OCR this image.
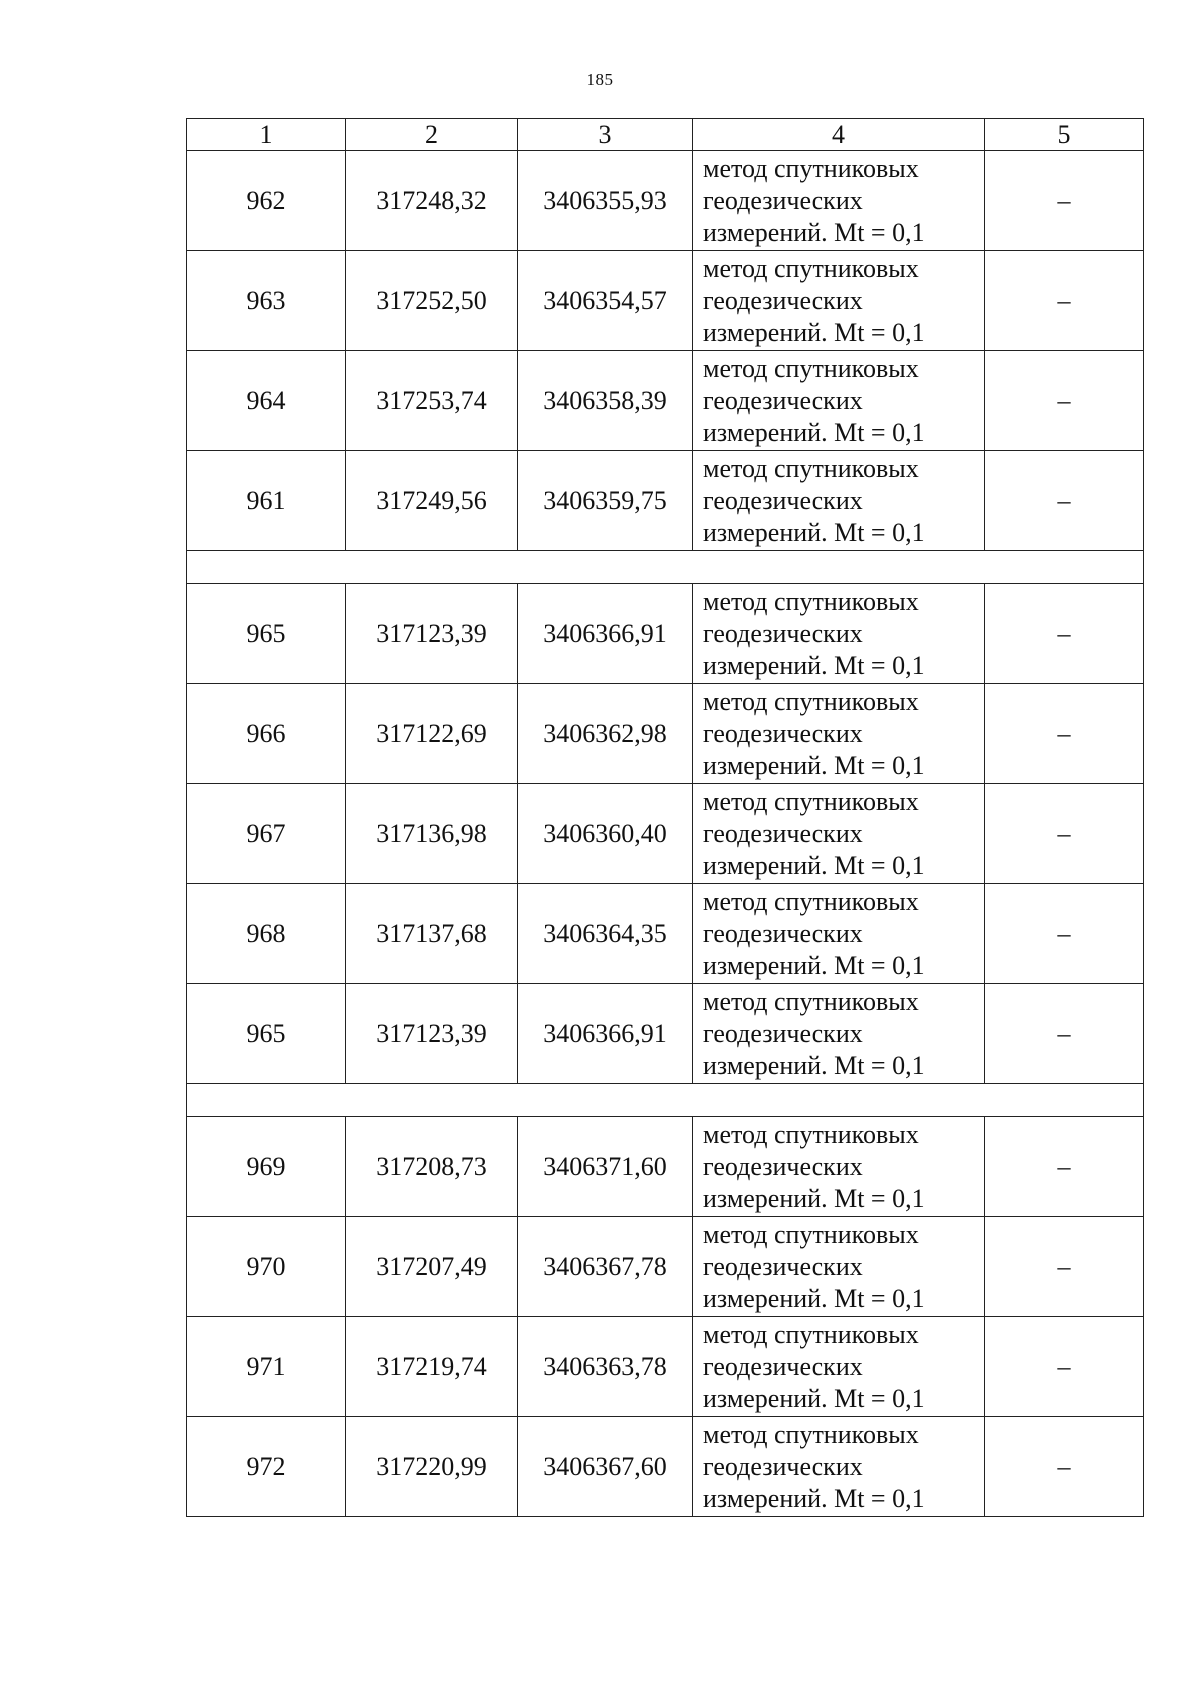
185
1	2	3	4	5
962	317248,32	3406355,93	метод спутниковых
геодезических
измерений. Mt = 0,1	–
963	317252,50	3406354,57	метод спутниковых
геодезических
измерений. Mt = 0,1	–
964	317253,74	3406358,39	метод спутниковых
геодезических
измерений. Mt = 0,1	–
961	317249,56	3406359,75	метод спутниковых
геодезических
измерений. Mt = 0,1	–

965	317123,39	3406366,91	метод спутниковых
геодезических
измерений. Mt = 0,1	–
966	317122,69	3406362,98	метод спутниковых
геодезических
измерений. Mt = 0,1	–
967	317136,98	3406360,40	метод спутниковых
геодезических
измерений. Mt = 0,1	–
968	317137,68	3406364,35	метод спутниковых
геодезических
измерений. Mt = 0,1	–
965	317123,39	3406366,91	метод спутниковых
геодезических
измерений. Mt = 0,1	–

969	317208,73	3406371,60	метод спутниковых
геодезических
измерений. Mt = 0,1	–
970	317207,49	3406367,78	метод спутниковых
геодезических
измерений. Mt = 0,1	–
971	317219,74	3406363,78	метод спутниковых
геодезических
измерений. Mt = 0,1	–
972	317220,99	3406367,60	метод спутниковых
геодезических
измерений. Mt = 0,1	–
